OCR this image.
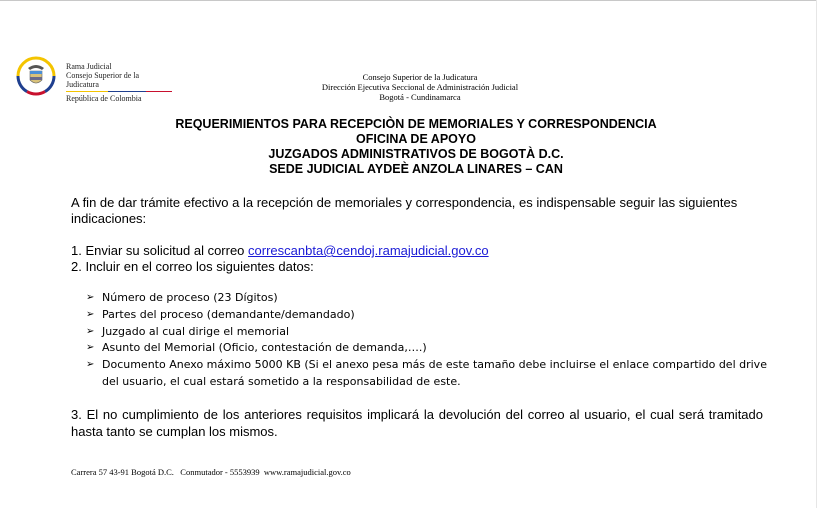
Rama Judicial
Consejo Superior de la Judicatura
República de Colombia
Consejo Superior de la Judicatura
Dirección Ejecutiva Seccional de Administración Judicial
Bogotá - Cundinamarca
REQUERIMIENTOS PARA RECEPCIÒN DE MEMORIALES Y CORRESPONDENCIA
OFICINA DE APOYO
JUZGADOS ADMINISTRATIVOS DE BOGOTÀ D.C.
SEDE JUDICIAL AYDEÈ ANZOLA LINARES – CAN
A fin de dar trámite efectivo a la recepción de memoriales y correspondencia, es indispensable seguir las siguientes indicaciones:
1. Enviar su solicitud al correo correscanbta@cendoj.ramajudicial.gov.co
2. Incluir en el correo los siguientes datos:
➢ Número de proceso (23 Dígitos)
➢ Partes del proceso (demandante/demandado)
➢ Juzgado al cual dirige el memorial
➢ Asunto del Memorial (Oficio, contestación de demanda,….)
➢ Documento Anexo máximo 5000 KB (Si el anexo pesa más de este tamaño debe incluirse el enlace compartido del drive del usuario, el cual estará sometido a la responsabilidad de este.
3. El no cumplimiento de los anteriores requisitos implicará la devolución del correo al usuario, el cual será tramitado hasta tanto se cumplan los mismos.
Carrera 57 43-91 Bogotá D.C.   Conmutador - 5553939  www.ramajudicial.gov.co
